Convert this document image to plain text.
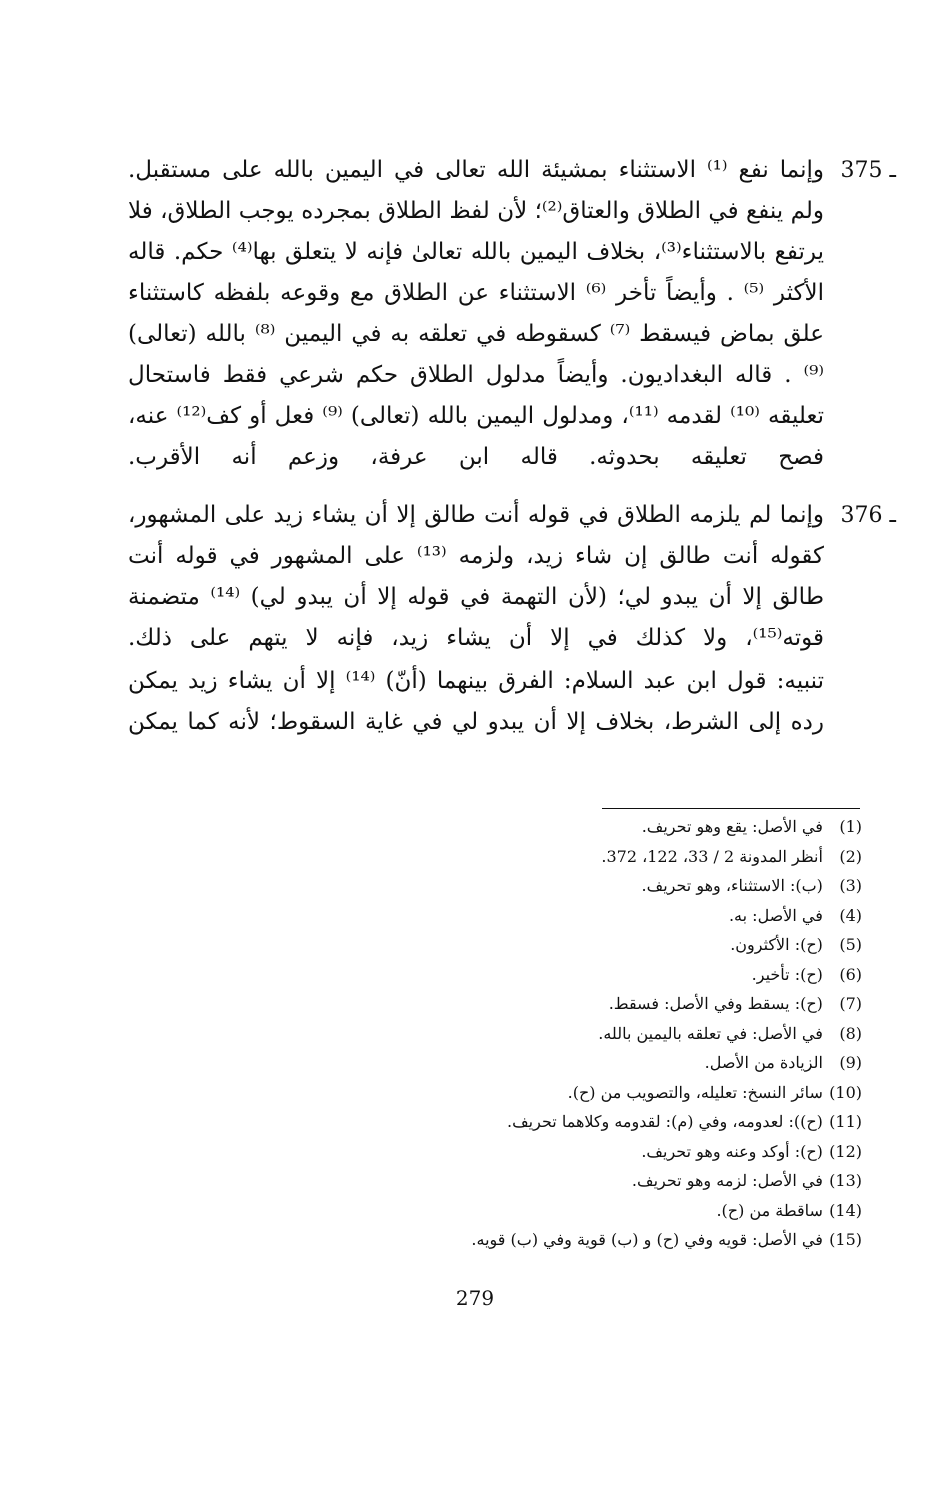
375 ـ
وإنما نفع ⁽¹⁾ الاستثناء بمشيئة الله تعالى في اليمين بالله على مستقبل. ولم ينفع في الطلاق والعتاق⁽²⁾؛ لأن لفظ الطلاق بمجرده يوجب الطلاق، فلا يرتفع بالاستثناء⁽³⁾، بخلاف اليمين بالله تعالىٰ فإنه لا يتعلق بها⁽⁴⁾ حكم. قاله الأكثر ⁽⁵⁾ . وأيضاً تأخر ⁽⁶⁾ الاستثناء عن الطلاق مع وقوعه بلفظه كاستثناء علق بماض فيسقط ⁽⁷⁾ كسقوطه في تعلقه به في اليمين ⁽⁸⁾ بالله (تعالى) ⁽⁹⁾ . قاله البغداديون. وأيضاً مدلول الطلاق حكم شرعي فقط فاستحال تعليقه ⁽¹⁰⁾ لقدمه ⁽¹¹⁾، ومدلول اليمين بالله (تعالى) ⁽⁹⁾ فعل أو كف⁽¹²⁾ عنه، فصح تعليقه بحدوثه. قاله ابن عرفة، وزعم أنه الأقرب.
376 ـ
وإنما لم يلزمه الطلاق في قوله أنت طالق إلا أن يشاء زيد على المشهور، كقوله أنت طالق إن شاء زيد، ولزمه ⁽¹³⁾ على المشهور في قوله أنت طالق إلا أن يبدو لي؛ (لأن التهمة في قوله إلا أن يبدو لي) ⁽¹⁴⁾ متضمنة قوته⁽¹⁵⁾، ولا كذلك في إلا أن يشاء زيد، فإنه لا يتهم على ذلك.
تنبيه: قول ابن عبد السلام: الفرق بينهما (أنّ) ⁽¹⁴⁾ إلا أن يشاء زيد يمكن رده إلى الشرط، بخلاف إلا أن يبدو لي في غاية السقوط؛ لأنه كما يمكن
(1) في الأصل: يقع وهو تحريف.
(2) أنظر المدونة 2 / 33، 122، 372.
(3) (ب): الاستثناء، وهو تحريف.
(4) في الأصل: به.
(5) (ح): الأكثرون.
(6) (ح): تأخير.
(7) (ح): يسقط وفي الأصل: فسقط.
(8) في الأصل: في تعلقه باليمين بالله.
(9) الزيادة من الأصل.
(10) سائر النسخ: تعليله، والتصويب من (ح).
(11) (ح)): لعدومه، وفي (م): لقدومه وكلاهما تحريف.
(12) (ح): أوكد وعنه وهو تحريف.
(13) في الأصل: لزمه وهو تحريف.
(14) ساقطة من (ح).
(15) في الأصل: قويه وفي (ح) و (ب) قوية وفي (ب) قويه.
279
